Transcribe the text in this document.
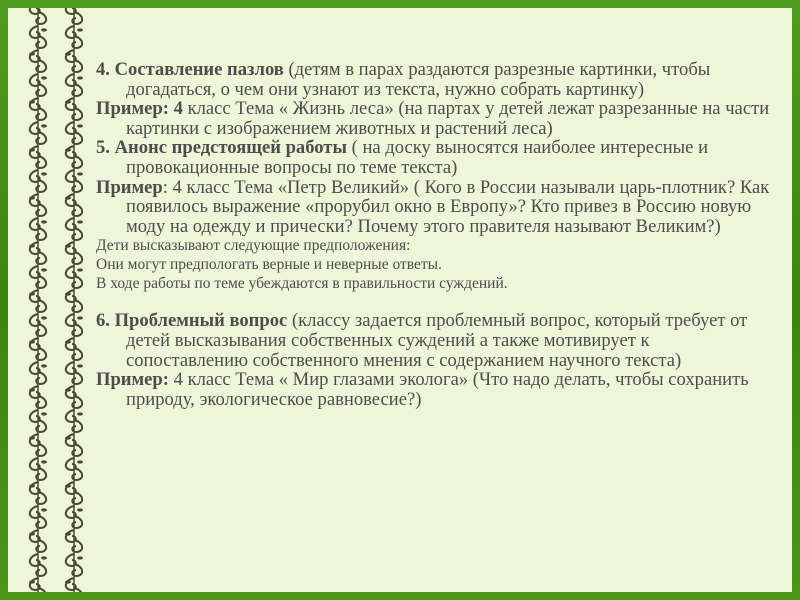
4. Составление пазлов (детям в парах раздаются разрезные картинки, чтобы догадаться, о чем они узнают из текста, нужно собрать картинку)

Пример: 4 класс Тема « Жизнь леса» (на партах у детей лежат разрезанные на части картинки с изображением животных и растений леса)

5. Анонс предстоящей работы ( на доску выносятся наиболее интересные и провокационные вопросы по теме текста)

Пример: 4 класс Тема «Петр Великий» ( Кого в России называли царь-плотник? Как появилось выражение «прорубил окно в Европу»? Кто привез в Россию новую моду на одежду и прически? Почему этого правителя называют Великим?)

Дети высказывают следующие предположения:

Они могут предпологать верные и неверные ответы.

В ходе работы по теме убеждаются в правильности суждений.

6. Проблемный вопрос (классу задается проблемный вопрос, который требует от детей высказывания собственных суждений а также мотивирует к сопоставлению собственного мнения с содержанием научного текста)

Пример: 4 класс Тема « Мир глазами эколога» (Что надо делать, чтобы сохранить природу, экологическое равновесие?)
